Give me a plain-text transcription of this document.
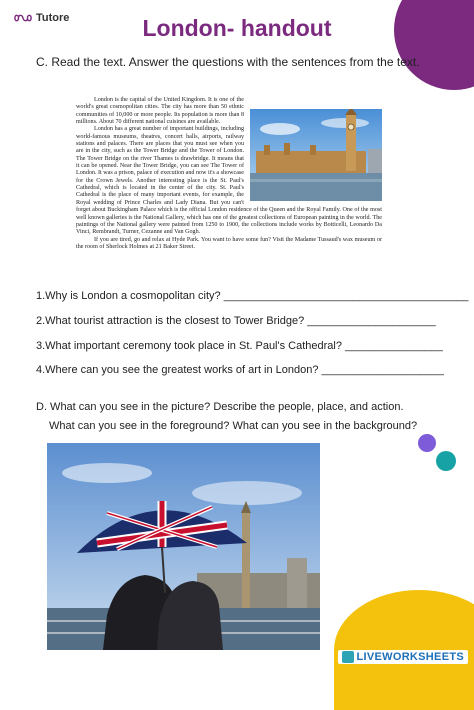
Tutore	London- handout
C. Read the text. Answer the questions with the sentences from the text.

London is the capital of the United Kingdom. It is one of the world's great cosmopolitan cities. The city has more than 50 ethnic communities of 10,000 or more people. Its population is more than 8 millions. About 70 different national cuisines are available.

London has a great number of important buildings, including world-famous museums, theatres, concert halls, airports, railway stations and palaces. There are places that you must see when you are in the city, such as the Tower Bridge and the Tower of London. The Tower Bridge on the river Thames is drawbridge. It means that it can be opened. Near the Tower Bridge, you can see The Tower of London. It was a prison, palace of execution and now it's a showcase for the Crown Jewels. Another interesting place is the St. Paul's Cathedral, which is located in the center of the city. St. Paul's Cathedral is the place of many important events, for example, the Royal wedding of Prince Charles and Lady Diana. But you can't forget about Buckingham Palace which is the official London residence of the Queen and the Royal Family. One of the most well known galleries is the National Gallery, which has one of the greatest collections of European painting in the world. The paintings of the National gallery were painted from 1250 to 1900, the collections include works by Botticelli, Leonardo Da Vinci, Rembrandt, Turner, Cezanne and Van Gogh.

If you are tired, go and relax at Hyde Park. You want to have some fun? Visit the Madame Tussaud's wax museum or the room of Sherlock Holmes at 21 Baker Street.

1.Why is London a cosmopolitan city? ________________________________________
2.What tourist attraction is the closest to Tower Bridge? _____________________
3.What important ceremony took place in St. Paul's Cathedral? ________________
4.Where can you see the greatest works of art in London? ____________________
D. What can you see in the picture? Describe the people, place, and action.
What can you see in the foreground? What can you see in the background?
LIVEWORKSHEETS
